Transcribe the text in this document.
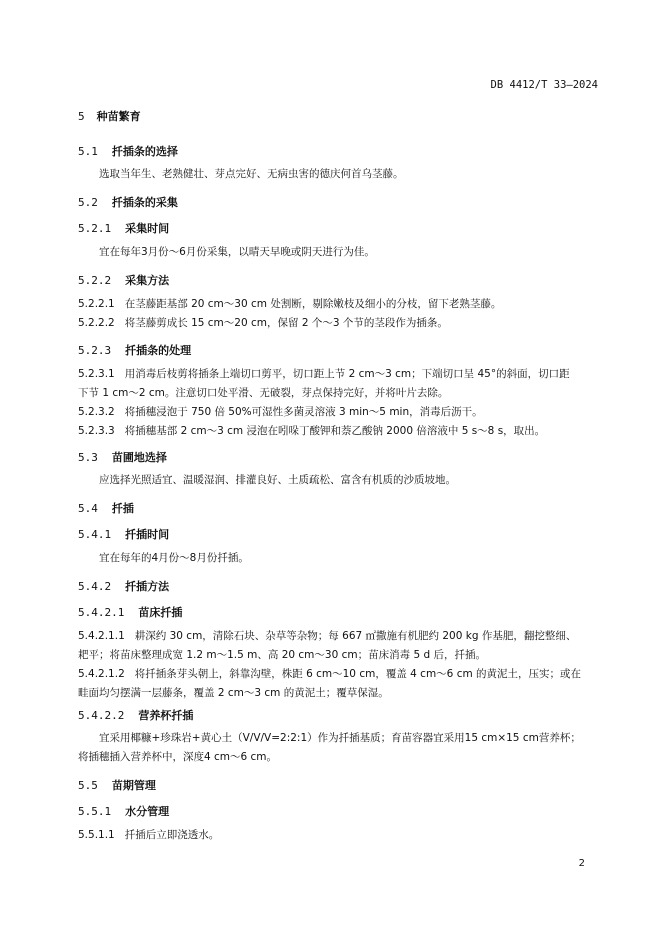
DB 4412/T 33—2024
5 种苗繁育
5.1 扦插条的选择
选取当年生、老熟健壮、芽点完好、无病虫害的德庆何首乌茎藤。
5.2 扦插条的采集
5.2.1 采集时间
宜在每年3月份～6月份采集，以晴天早晚或阴天进行为佳。
5.2.2 采集方法
5.2.2.1 在茎藤距基部 20 cm～30 cm 处割断，剔除嫩枝及细小的分枝，留下老熟茎藤。
5.2.2.2 将茎藤剪成长 15 cm～20 cm，保留 2 个～3 个节的茎段作为插条。
5.2.3 扦插条的处理
5.2.3.1 用消毒后枝剪将插条上端切口剪平，切口距上节 2 cm～3 cm；下端切口呈 45°的斜面，切口距
下节 1 cm～2 cm。注意切口处平滑、无破裂，芽点保持完好，并将叶片去除。
5.2.3.2 将插穗浸泡于 750 倍 50%可湿性多菌灵溶液 3 min～5 min，消毒后沥干。
5.2.3.3 将插穗基部 2 cm～3 cm 浸泡在吲哚丁酸钾和萘乙酸钠 2000 倍溶液中 5 s～8 s，取出。
5.3 苗圃地选择
应选择光照适宜、温暖湿润、排灌良好、土质疏松、富含有机质的沙质坡地。
5.4 扦插
5.4.1 扦插时间
宜在每年的4月份～8月份扦插。
5.4.2 扦插方法
5.4.2.1 苗床扦插
5.4.2.1.1 耕深约 30 cm，清除石块、杂草等杂物；每 667 ㎡撒施有机肥约 200 kg 作基肥，翻挖整细、
耙平；将苗床整理成宽 1.2 m～1.5 m、高 20 cm～30 cm；苗床消毒 5 d 后，扦插。
5.4.2.1.2 将扦插条芽头朝上，斜靠沟壁，株距 6 cm～10 cm，覆盖 4 cm～6 cm 的黄泥土，压实；或在
畦面均匀摆满一层藤条，覆盖 2 cm～3 cm 的黄泥土；覆草保湿。
5.4.2.2 营养杯扦插
宜采用椰糠+珍珠岩+黄心土（V/V/V=2:2:1）作为扦插基质；育苗容器宜采用15 cm×15 cm营养杯；
将插穗插入营养杯中，深度4 cm～6 cm。
5.5 苗期管理
5.5.1 水分管理
5.5.1.1 扦插后立即浇透水。
2
